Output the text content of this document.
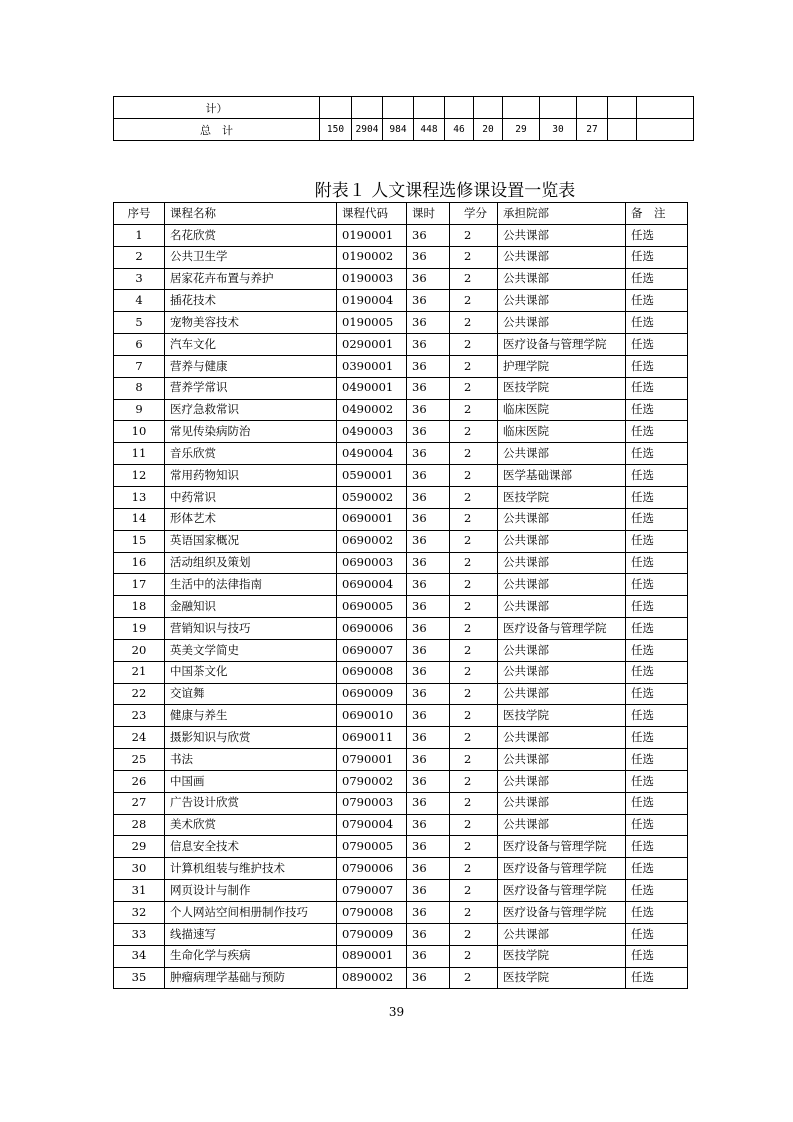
计）											
总　计	150	2904	984	448	46	20	29	30	27		
附表１ 人文课程选修课设置一览表
序号	课程名称	课程代码	课时	学分	承担院部	备　注
1	名花欣赏	0190001	36	2	公共课部	任选
2	公共卫生学	0190002	36	2	公共课部	任选
3	居家花卉布置与养护	0190003	36	2	公共课部	任选
4	插花技术	0190004	36	2	公共课部	任选
5	宠物美容技术	0190005	36	2	公共课部	任选
6	汽车文化	0290001	36	2	医疗设备与管理学院	任选
7	营养与健康	0390001	36	2	护理学院	任选
8	营养学常识	0490001	36	2	医技学院	任选
9	医疗急救常识	0490002	36	2	临床医院	任选
10	常见传染病防治	0490003	36	2	临床医院	任选
11	音乐欣赏	0490004	36	2	公共课部	任选
12	常用药物知识	0590001	36	2	医学基础课部	任选
13	中药常识	0590002	36	2	医技学院	任选
14	形体艺术	0690001	36	2	公共课部	任选
15	英语国家概况	0690002	36	2	公共课部	任选
16	活动组织及策划	0690003	36	2	公共课部	任选
17	生活中的法律指南	0690004	36	2	公共课部	任选
18	金融知识	0690005	36	2	公共课部	任选
19	营销知识与技巧	0690006	36	2	医疗设备与管理学院	任选
20	英美文学简史	0690007	36	2	公共课部	任选
21	中国茶文化	0690008	36	2	公共课部	任选
22	交谊舞	0690009	36	2	公共课部	任选
23	健康与养生	0690010	36	2	医技学院	任选
24	摄影知识与欣赏	0690011	36	2	公共课部	任选
25	书法	0790001	36	2	公共课部	任选
26	中国画	0790002	36	2	公共课部	任选
27	广告设计欣赏	0790003	36	2	公共课部	任选
28	美术欣赏	0790004	36	2	公共课部	任选
29	信息安全技术	0790005	36	2	医疗设备与管理学院	任选
30	计算机组装与维护技术	0790006	36	2	医疗设备与管理学院	任选
31	网页设计与制作	0790007	36	2	医疗设备与管理学院	任选
32	个人网站空间相册制作技巧	0790008	36	2	医疗设备与管理学院	任选
33	线描速写	0790009	36	2	公共课部	任选
34	生命化学与疾病	0890001	36	2	医技学院	任选
35	肿瘤病理学基础与预防	0890002	36	2	医技学院	任选
39
